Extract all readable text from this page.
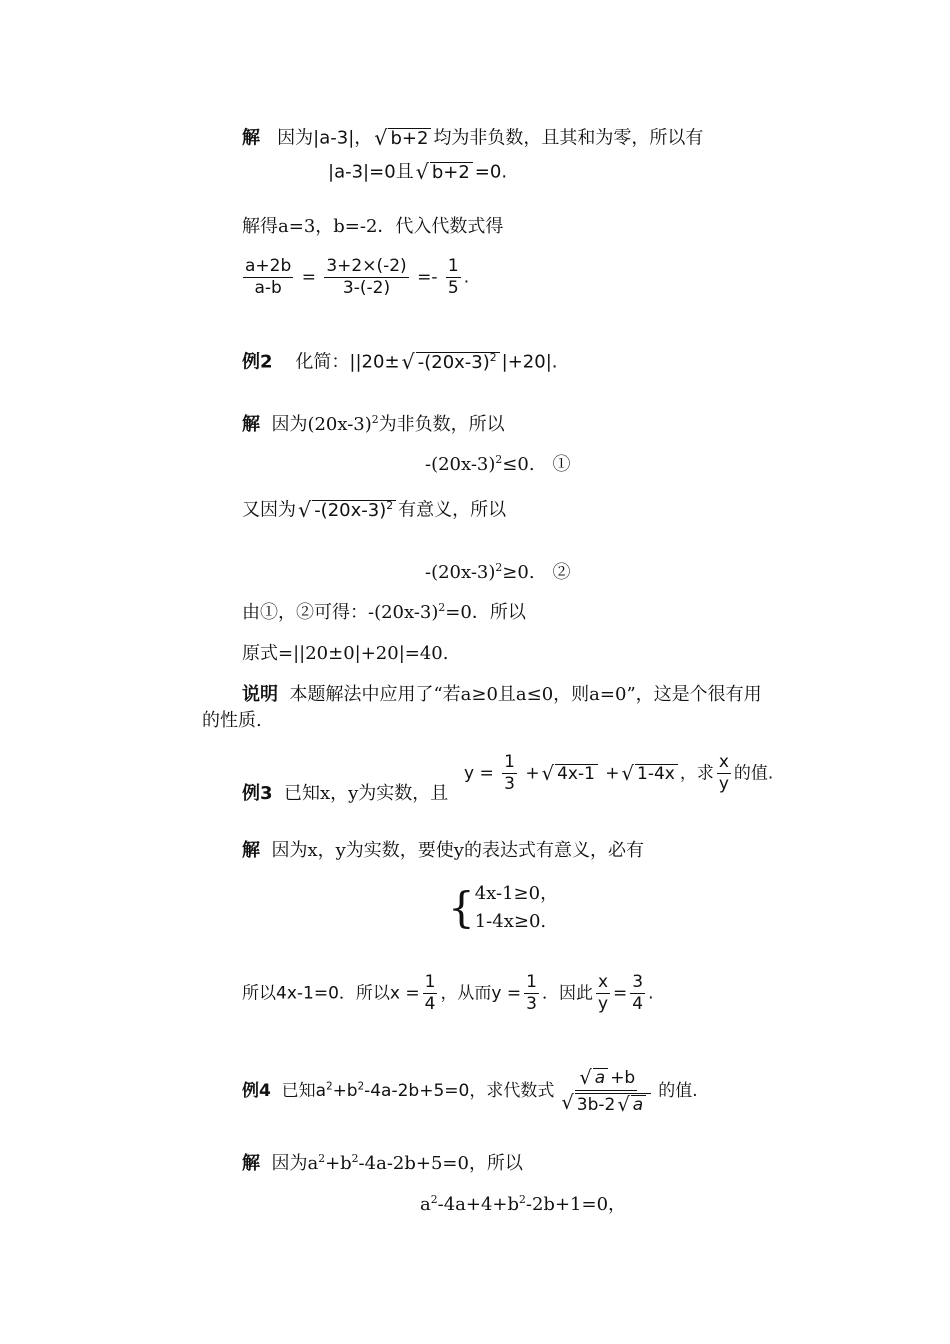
解 因为|a-3|， √ b+2 均为非负数，且其和为零，所以有
|a-3|=0且 √ b+2 =0.
解得a=3，b=-2．代入代数式得
$\frac{a+2b}{a-b} = \frac{3+2\times(-2)}{3-(-2)} =- \frac{1}{5}$ .
例2 化简：||20± √ $-(20x-3)^2$ |+20|.
解 因为$(20x-3)^2$为非负数，所以
$-(20x-3)^2\le 0$.　①
又因为 √ $-(20x-3)^2$ 有意义，所以
$-(20x-3)^2\ge 0$.　②
由①，②可得：$-(20x-3)^2=0$．所以
原式=||20±0|+20|=40.
说明 本题解法中应用了“若a≥0且a≤0，则a=0”，这是个很有用
的性质.
$y = \frac{1}{3}$ + √ 4x-1 + √ 1-4x ，求 $\frac{x}{y}$ 的值.
例3 已知x，y为实数，且
解 因为x，y为实数，要使y的表达式有意义，必有
{ 4x-1≥0，
1-4x≥0.
所以4x-1=0．所以$x = \frac{1}{4}$ ，从而$y = \frac{1}{3}$ ．因此 $\frac{x}{y} = \frac{3}{4}$ .
例4 已知$a^2+b^2-4a-2b+5=0$，求代数式 $\frac{√ a +b}{√ 3b-2 √ a}$ 的值.
解 因为$a^2+b^2-4a-2b+5=0$，所以
$a^2-4a+4+b^2-2b+1=0$，
